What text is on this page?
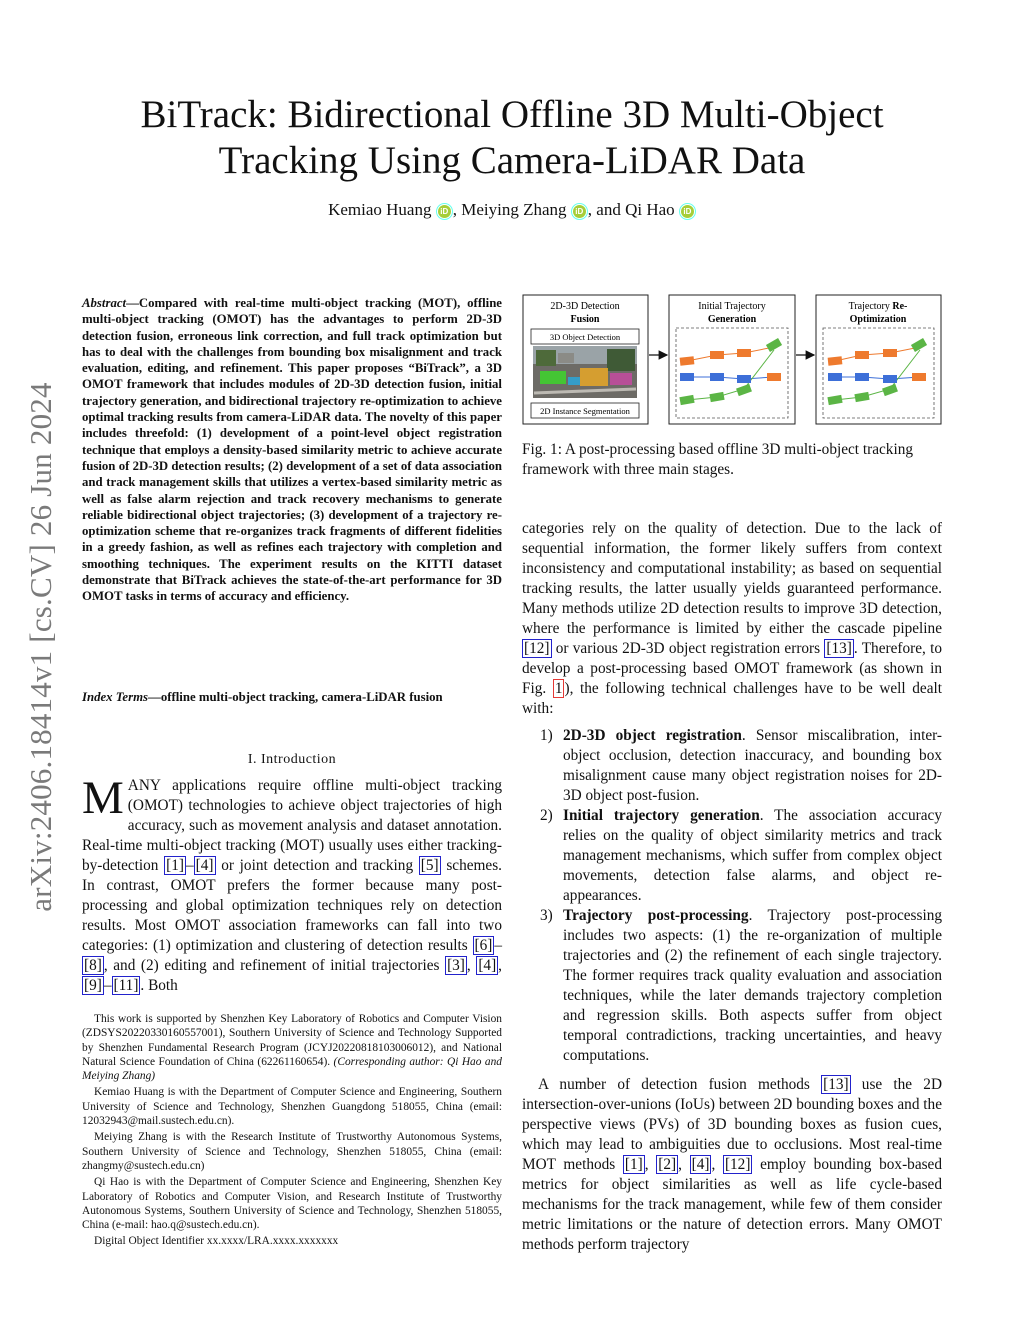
arXiv:2406.18414v1 [cs.CV] 26 Jun 2024
BiTrack: Bidirectional Offline 3D Multi-Object Tracking Using Camera-LiDAR Data
Kemiao Huang iD , Meiying Zhang iD , and Qi Hao iD
Abstract—Compared with real-time multi-object tracking (MOT), offline multi-object tracking (OMOT) has the advantages to perform 2D-3D detection fusion, erroneous link correction, and full track optimization but has to deal with the challenges from bounding box misalignment and track evaluation, editing, and refinement. This paper proposes “BiTrack”, a 3D OMOT framework that includes modules of 2D-3D detection fusion, initial trajectory generation, and bidirectional trajectory re-optimization to achieve optimal tracking results from camera-LiDAR data. The novelty of this paper includes threefold: (1) development of a point-level object registration technique that employs a density-based similarity metric to achieve accurate fusion of 2D-3D detection results; (2) development of a set of data association and track management skills that utilizes a vertex-based similarity metric as well as false alarm rejection and track recovery mechanisms to generate reliable bidirectional object trajectories; (3) development of a trajectory re-optimization scheme that re-organizes track fragments of different fidelities in a greedy fashion, as well as refines each trajectory with completion and smoothing techniques. The experiment results on the KITTI dataset demonstrate that BiTrack achieves the state-of-the-art performance for 3D OMOT tasks in terms of accuracy and efficiency.
Index Terms—offline multi-object tracking, camera-LiDAR fusion
I. Introduction
M ANY applications require offline multi-object tracking (OMOT) technologies to achieve object trajectories of high accuracy, such as movement analysis and dataset annotation. Real-time multi-object tracking (MOT) usually uses either tracking-by-detection [1] – [4] or joint detection and tracking [5] schemes. In contrast, OMOT prefers the former because many post-processing and global optimization techniques rely on detection results. Most OMOT association frameworks can fall into two categories: (1) optimization and clustering of detection results [6] –[8] , and (2) editing and refinement of initial trajectories [3] , [4] , [9] – [11] . Both

This work is supported by Shenzhen Key Laboratory of Robotics and Computer Vision (ZDSYS20220330160557001), Southern University of Science and Technology Supported by Shenzhen Fundamental Research Program (JCYJ20220818103006012), and National Natural Science Foundation of China (62261160654). (Corresponding author: Qi Hao and Meiying Zhang)

Kemiao Huang is with the Department of Computer Science and Engineering, Southern University of Science and Technology, Shenzhen Guangdong 518055, China (email: 12032943@mail.sustech.edu.cn).

Meiying Zhang is with the Research Institute of Trustworthy Autonomous Systems, Southern University of Science and Technology, Shenzhen 518055, China (email: zhangmy@sustech.edu.cn)

Qi Hao is with the Department of Computer Science and Engineering, Shenzhen Key Laboratory of Robotics and Computer Vision, and Research Institute of Trustworthy Autonomous Systems, Southern University of Science and Technology, Shenzhen 518055, China (e-mail: hao.q@sustech.edu.cn).

Digital Object Identifier xx.xxxx/LRA.xxxx.xxxxxxx

2D-3D Detection
Fusion
3D Object Detection
2D Instance Segmentation
Initial Trajectory
Generation
Trajectory Re-
Optimization
Fig. 1: A post-processing based offline 3D multi-object tracking framework with three main stages.

categories rely on the quality of detection. Due to the lack of sequential information, the former likely suffers from context inconsistency and computational instability; as based on sequential tracking results, the latter usually yields guaranteed performance. Many methods utilize 2D detection results to improve 3D detection, where the performance is limited by either the cascade pipeline [12] or various 2D-3D object registration errors [13] . Therefore, to develop a post-processing based OMOT framework (as shown in Fig. 1 ), the following technical challenges have to be well dealt with:

1) 2D-3D object registration. Sensor miscalibration, inter-object occlusion, detection inaccuracy, and bounding box misalignment cause many object registration noises for 2D-3D object post-fusion.
2) Initial trajectory generation. The association accuracy relies on the quality of object similarity metrics and track management mechanisms, which suffer from complex object movements, detection false alarms, and object re-appearances.
3) Trajectory post-processing. Trajectory post-processing includes two aspects: (1) the re-organization of multiple trajectories and (2) the refinement of each single trajectory. The former requires track quality evaluation and association techniques, while the later demands trajectory completion and regression skills. Both aspects suffer from object temporal contradictions, tracking uncertainties, and heavy computations.

A number of detection fusion methods [13] use the 2D intersection-over-unions (IoUs) between 2D bounding boxes and the perspective views (PVs) of 3D bounding boxes as fusion cues, which may lead to ambiguities due to occlusions. Most real-time MOT methods [1] , [2] , [4] , [12] employ bounding box-based metrics for object similarities as well as life cycle-based mechanisms for the track management, while few of them consider metric limitations or the nature of detection errors. Many OMOT methods perform trajectory
